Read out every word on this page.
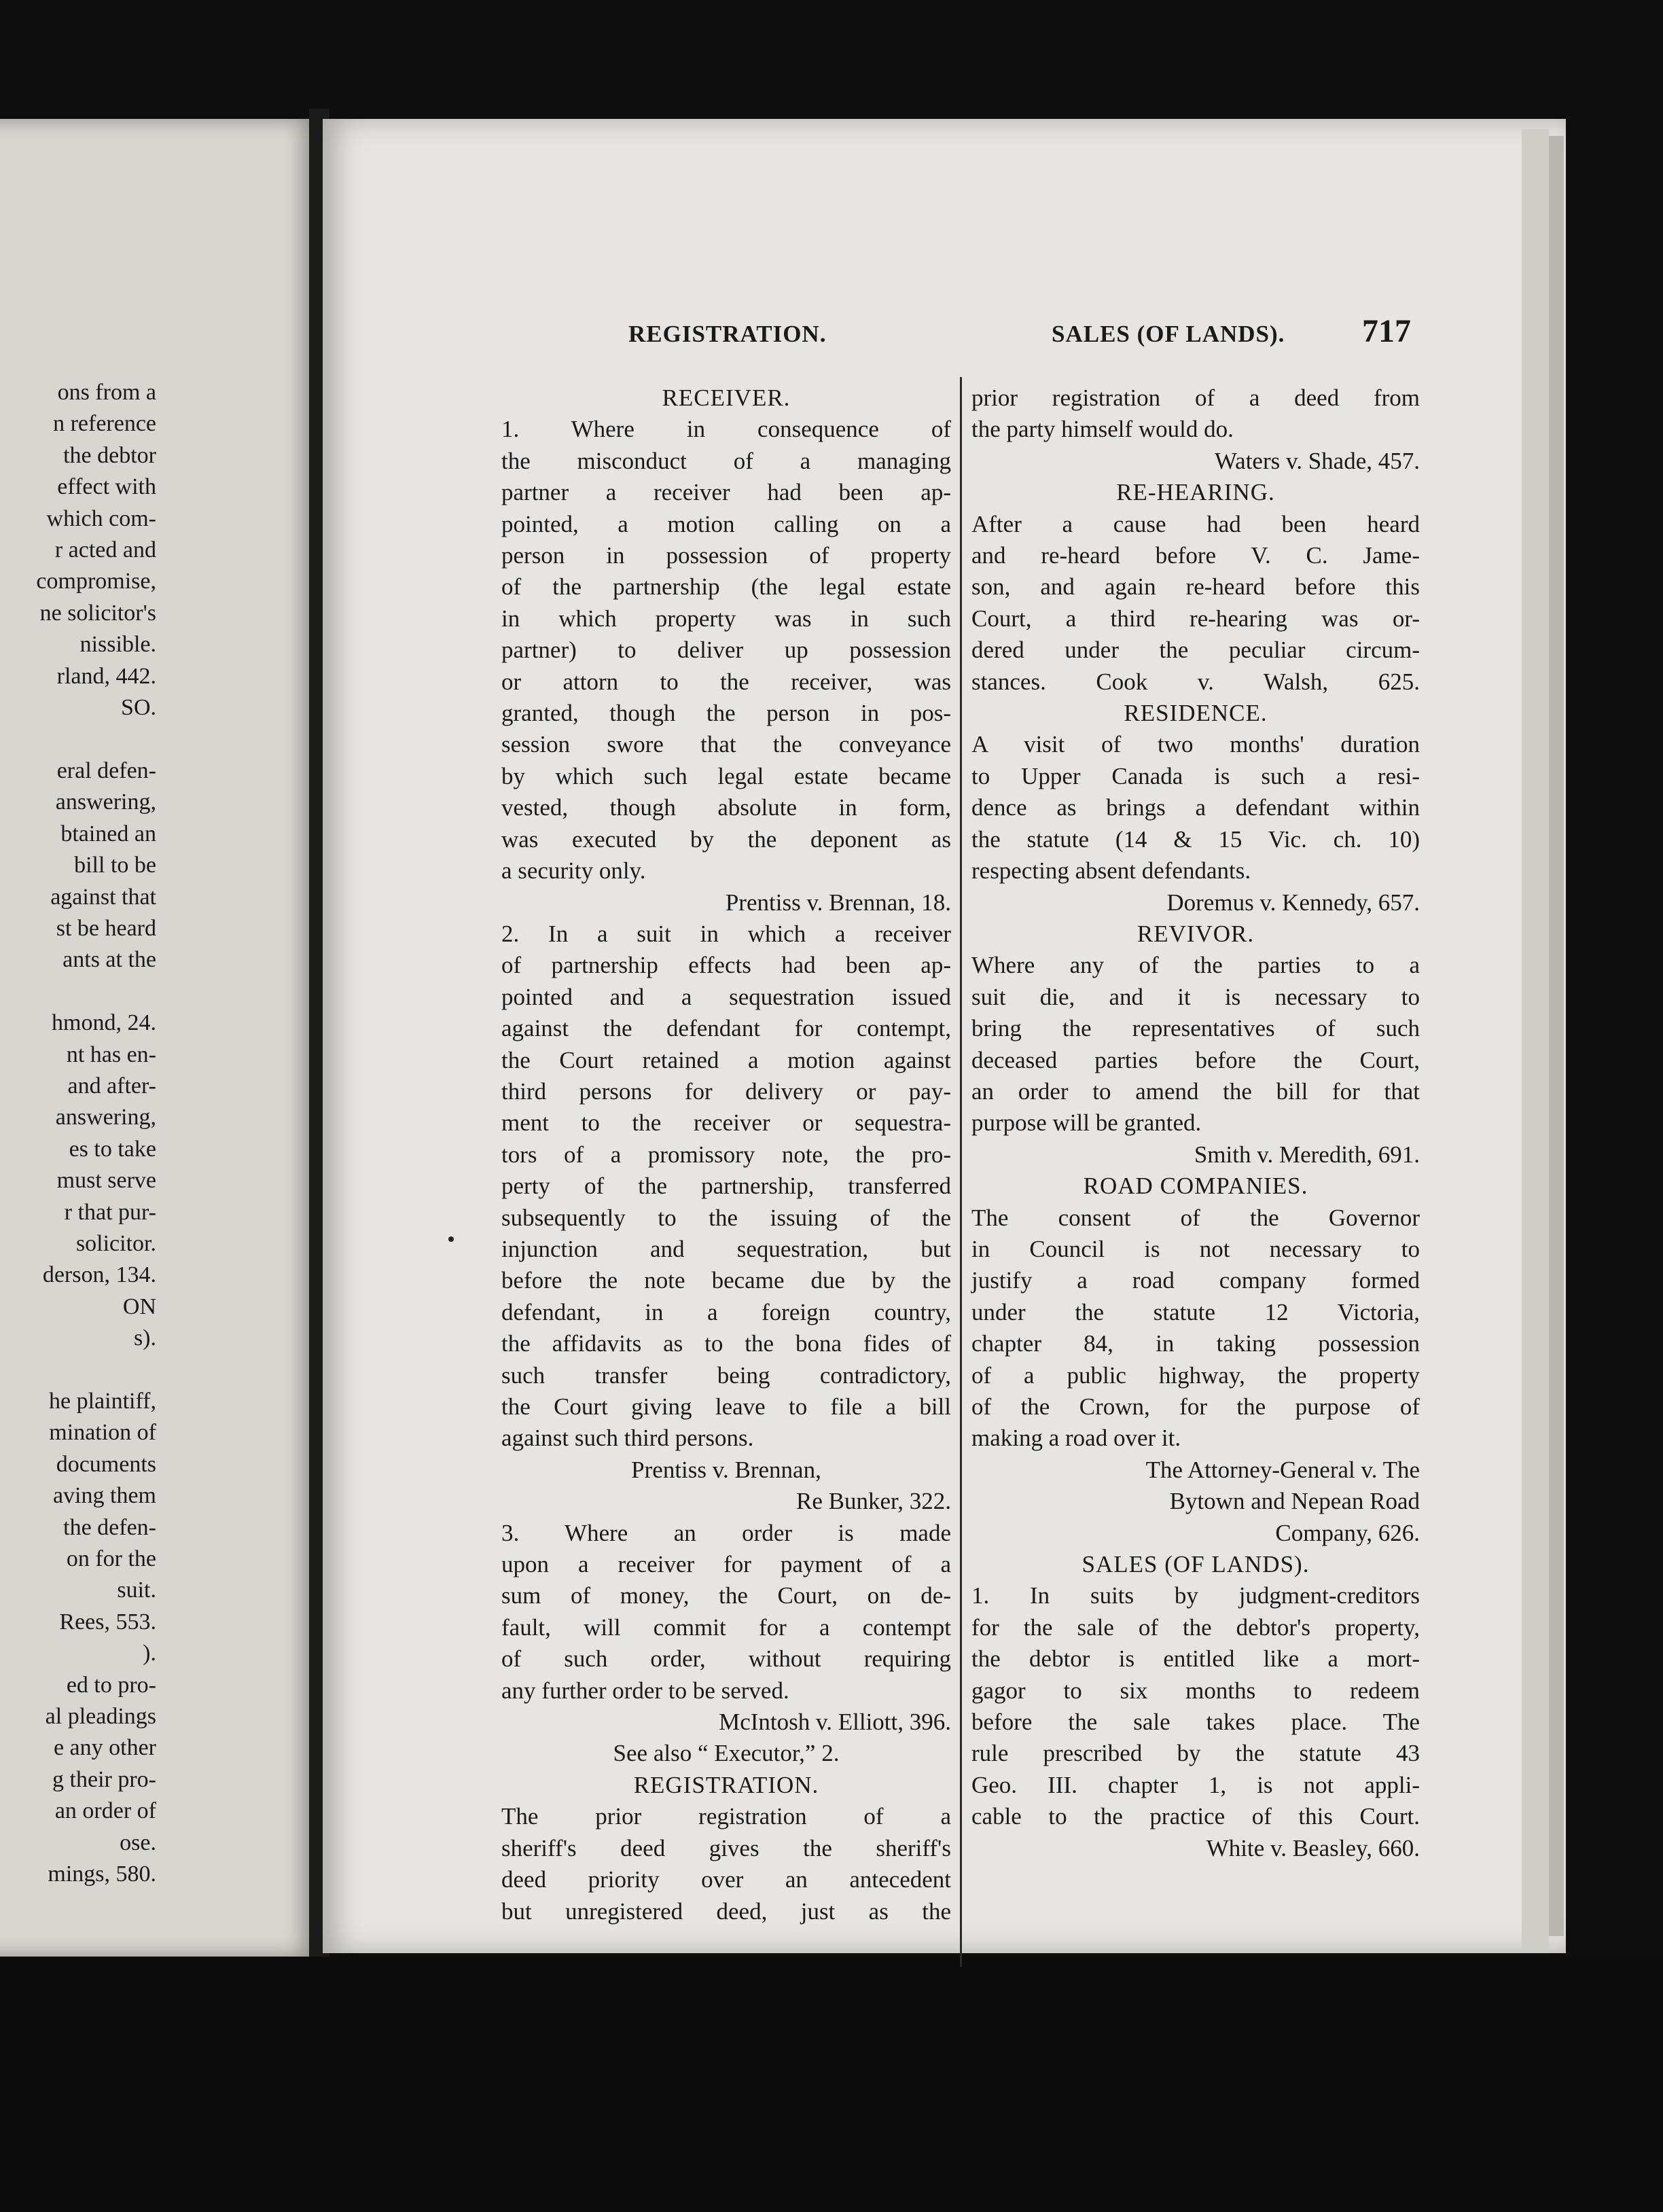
ons from a
n reference
the debtor
effect with
which com-
r acted and
compromise,
ne solicitor's
nissible.
rland, 442.
SO.

eral defen-
answering,
btained an
bill to be
against that
st be heard
ants at the

hmond, 24.
nt has en-
and after-
answering,
es to take
must serve
r that pur-
solicitor.
derson, 134.
ON
s).

he plaintiff,
mination of
documents
aving them
the defen-
on for the
suit.
Rees, 553.
).
ed to pro-
al pleadings
e any other
g their pro-
an order of
ose.
mings, 580.
REGISTRATION.	SALES (OF LANDS). 717
RECEIVER.
1. Where in consequence of
the misconduct of a managing
partner a receiver had been ap-
pointed, a motion calling on a
person in possession of property
of the partnership (the legal estate
in which property was in such
partner) to deliver up possession
or attorn to the receiver, was
granted, though the person in pos-
session swore that the conveyance
by which such legal estate became
vested, though absolute in form,
was executed by the deponent as
a security only.
Prentiss v. Brennan, 18.
2. In a suit in which a receiver
of partnership effects had been ap-
pointed and a sequestration issued
against the defendant for contempt,
the Court retained a motion against
third persons for delivery or pay-
ment to the receiver or sequestra-
tors of a promissory note, the pro-
perty of the partnership, transferred
subsequently to the issuing of the
injunction and sequestration, but
before the note became due by the
defendant, in a foreign country,
the affidavits as to the bona fides of
such transfer being contradictory,
the Court giving leave to file a bill
against such third persons.
Prentiss v. Brennan,
Re Bunker, 322.
3. Where an order is made
upon a receiver for payment of a
sum of money, the Court, on de-
fault, will commit for a contempt
of such order, without requiring
any further order to be served.
McIntosh v. Elliott, 396.
See also “ Executor,” 2.
REGISTRATION.
The prior registration of a
sheriff's deed gives the sheriff's
deed priority over an antecedent
but unregistered deed, just as the
prior registration of a deed from
the party himself would do.
Waters v. Shade, 457.
RE-HEARING.
After a cause had been heard
and re-heard before V. C. Jame-
son, and again re-heard before this
Court, a third re-hearing was or-
dered under the peculiar circum-
stances. Cook v. Walsh, 625.
RESIDENCE.
A visit of two months' duration
to Upper Canada is such a resi-
dence as brings a defendant within
the statute (14 & 15 Vic. ch. 10)
respecting absent defendants.
Doremus v. Kennedy, 657.
REVIVOR.
Where any of the parties to a
suit die, and it is necessary to
bring the representatives of such
deceased parties before the Court,
an order to amend the bill for that
purpose will be granted.
Smith v. Meredith, 691.
ROAD COMPANIES.
The consent of the Governor
in Council is not necessary to
justify a road company formed
under the statute 12 Victoria,
chapter 84, in taking possession
of a public highway, the property
of the Crown, for the purpose of
making a road over it.
The Attorney-General v. The
Bytown and Nepean Road
Company, 626.
SALES (OF LANDS).
1. In suits by judgment-creditors
for the sale of the debtor's property,
the debtor is entitled like a mort-
gagor to six months to redeem
before the sale takes place. The
rule prescribed by the statute 43
Geo. III. chapter 1, is not appli-
cable to the practice of this Court.
White v. Beasley, 660.
